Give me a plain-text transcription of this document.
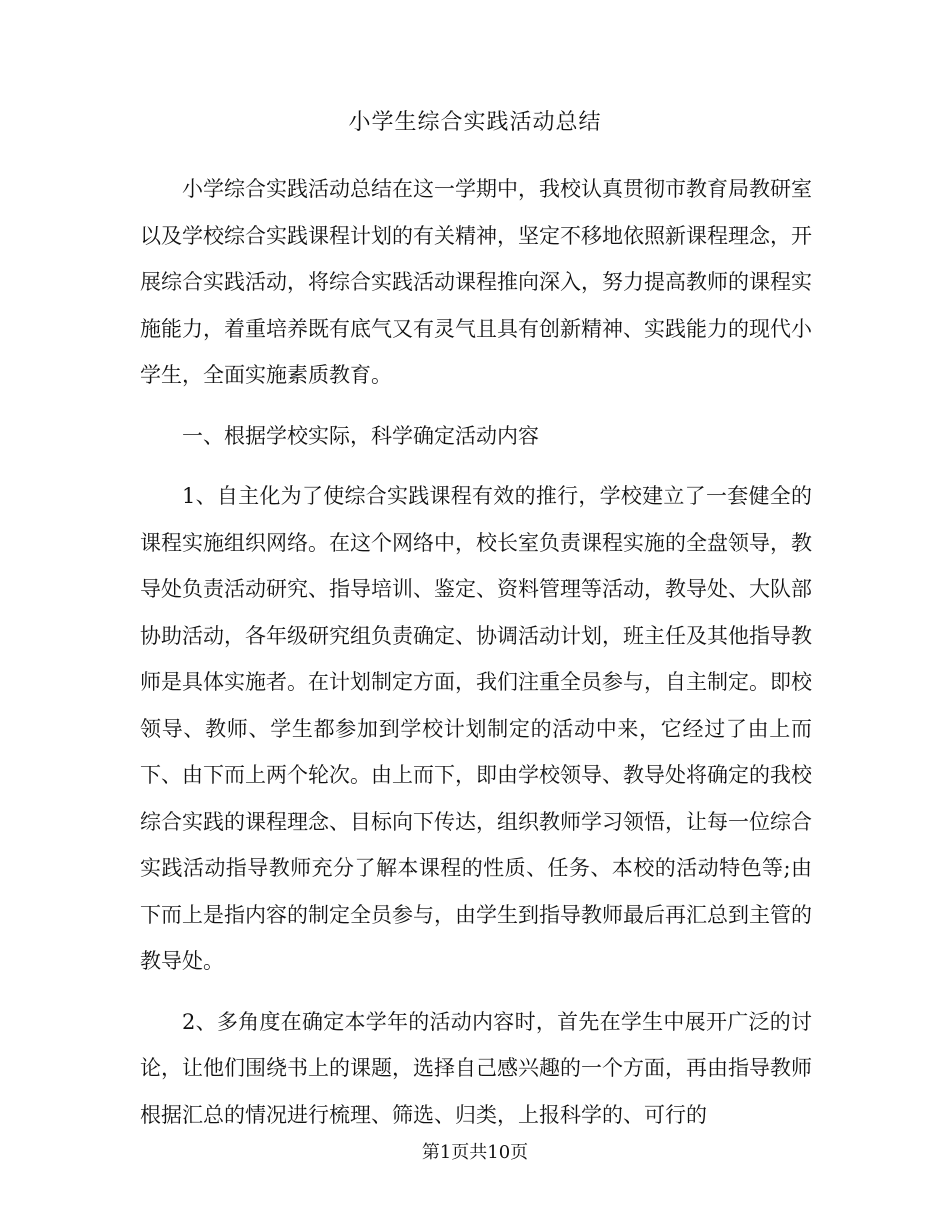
小学生综合实践活动总结

小学综合实践活动总结在这一学期中，我校认真贯彻市教育局教研室以及学校综合实践课程计划的有关精神，坚定不移地依照新课程理念，开展综合实践活动，将综合实践活动课程推向深入，努力提高教师的课程实施能力，着重培养既有底气又有灵气且具有创新精神、实践能力的现代小学生，全面实施素质教育。

一、根据学校实际，科学确定活动内容

1、自主化为了使综合实践课程有效的推行，学校建立了一套健全的课程实施组织网络。在这个网络中，校长室负责课程实施的全盘领导，教导处负责活动研究、指导培训、鉴定、资料管理等活动，教导处、大队部协助活动，各年级研究组负责确定、协调活动计划，班主任及其他指导教师是具体实施者。在计划制定方面，我们注重全员参与，自主制定。即校领导、教师、学生都参加到学校计划制定的活动中来，它经过了由上而下、由下而上两个轮次。由上而下，即由学校领导、教导处将确定的我校综合实践的课程理念、目标向下传达，组织教师学习领悟，让每一位综合实践活动指导教师充分了解本课程的性质、任务、本校的活动特色等;由下而上是指内容的制定全员参与，由学生到指导教师最后再汇总到主管的教导处。

2、多角度在确定本学年的活动内容时，首先在学生中展开广泛的讨论，让他们围绕书上的课题，选择自己感兴趣的一个方面，再由指导教师根据汇总的情况进行梳理、筛选、归类，上报科学的、可行的

第1页共10页
